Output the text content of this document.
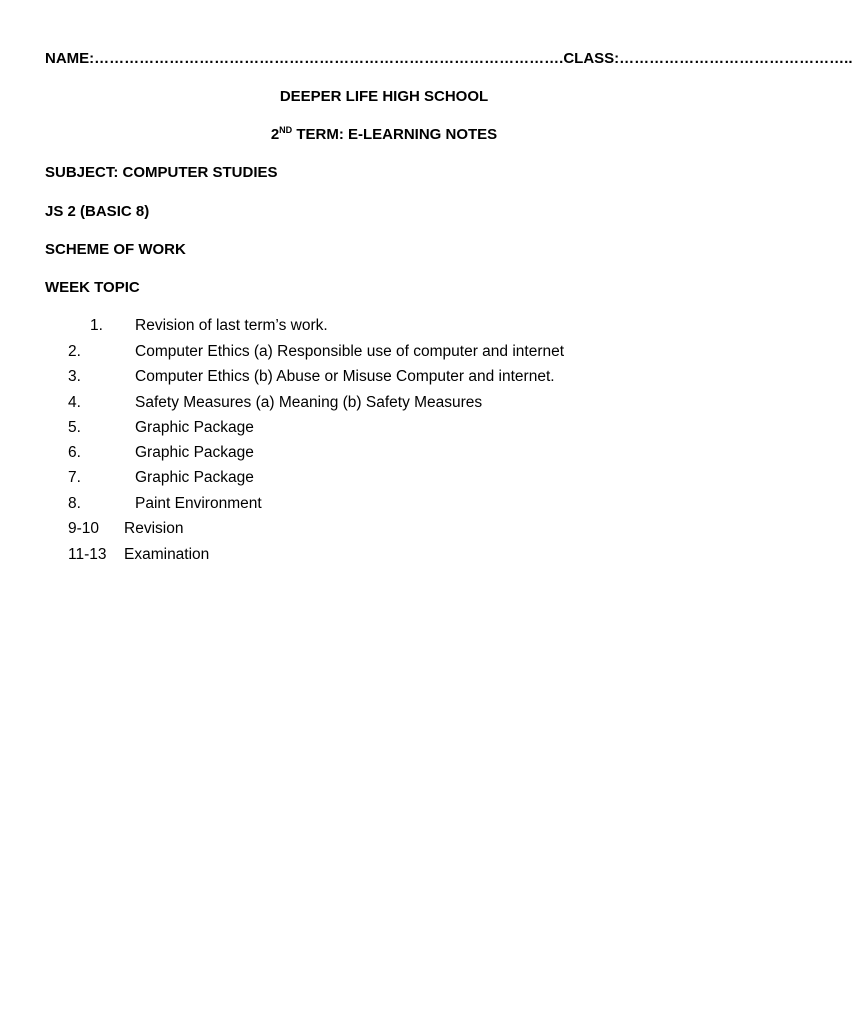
NAME:………………………………………………………………………………….CLASS:………………………………………..
DEEPER LIFE HIGH SCHOOL
2ND TERM: E-LEARNING NOTES
SUBJECT: COMPUTER STUDIES
JS 2 (BASIC 8)
SCHEME OF WORK
WEEK TOPIC
1. Revision of last term’s work.
2.	Computer Ethics (a) Responsible use of computer and internet
3.	Computer Ethics (b) Abuse or Misuse Computer and internet.
4.	Safety Measures (a) Meaning (b) Safety Measures
5.	Graphic Package
6.	Graphic Package
7.	Graphic Package
8.	Paint Environment
9-10 Revision
11-13 Examination
